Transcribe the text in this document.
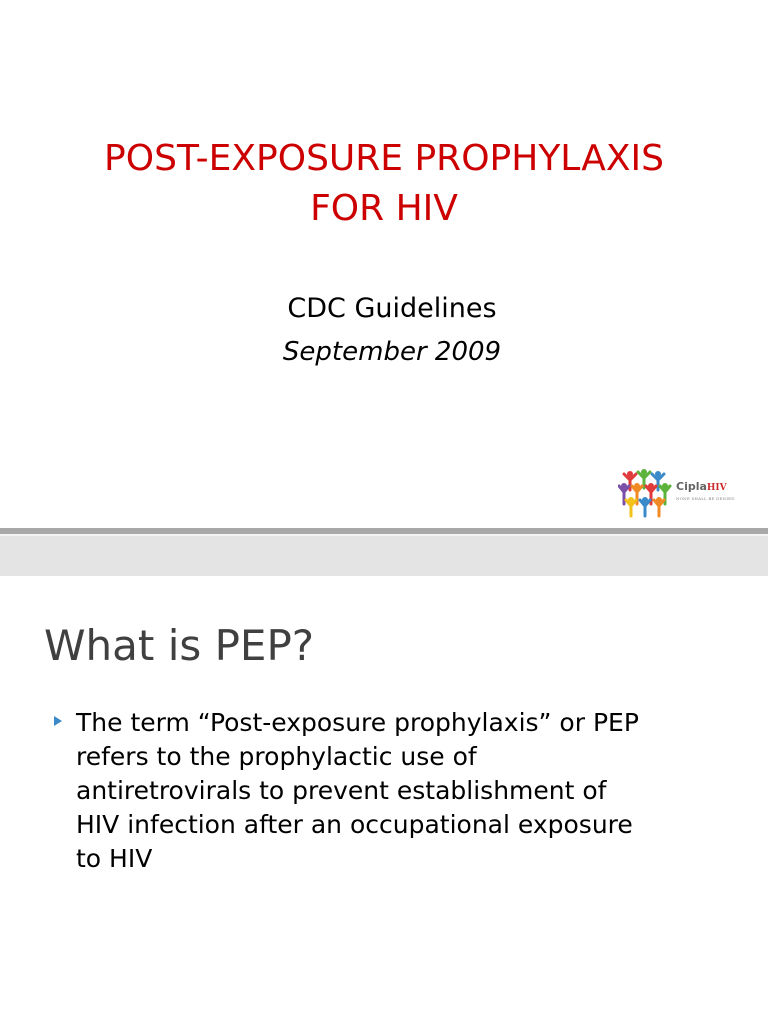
POST-EXPOSURE PROPHYLAXIS
FOR HIV
CDC Guidelines
September 2009
CiplaHIV
NONE SHALL BE DENIED
What is PEP?
The term “Post-exposure prophylaxis” or PEP
refers to the prophylactic use of
antiretrovirals to prevent establishment of
HIV infection after an occupational exposure
to HIV
